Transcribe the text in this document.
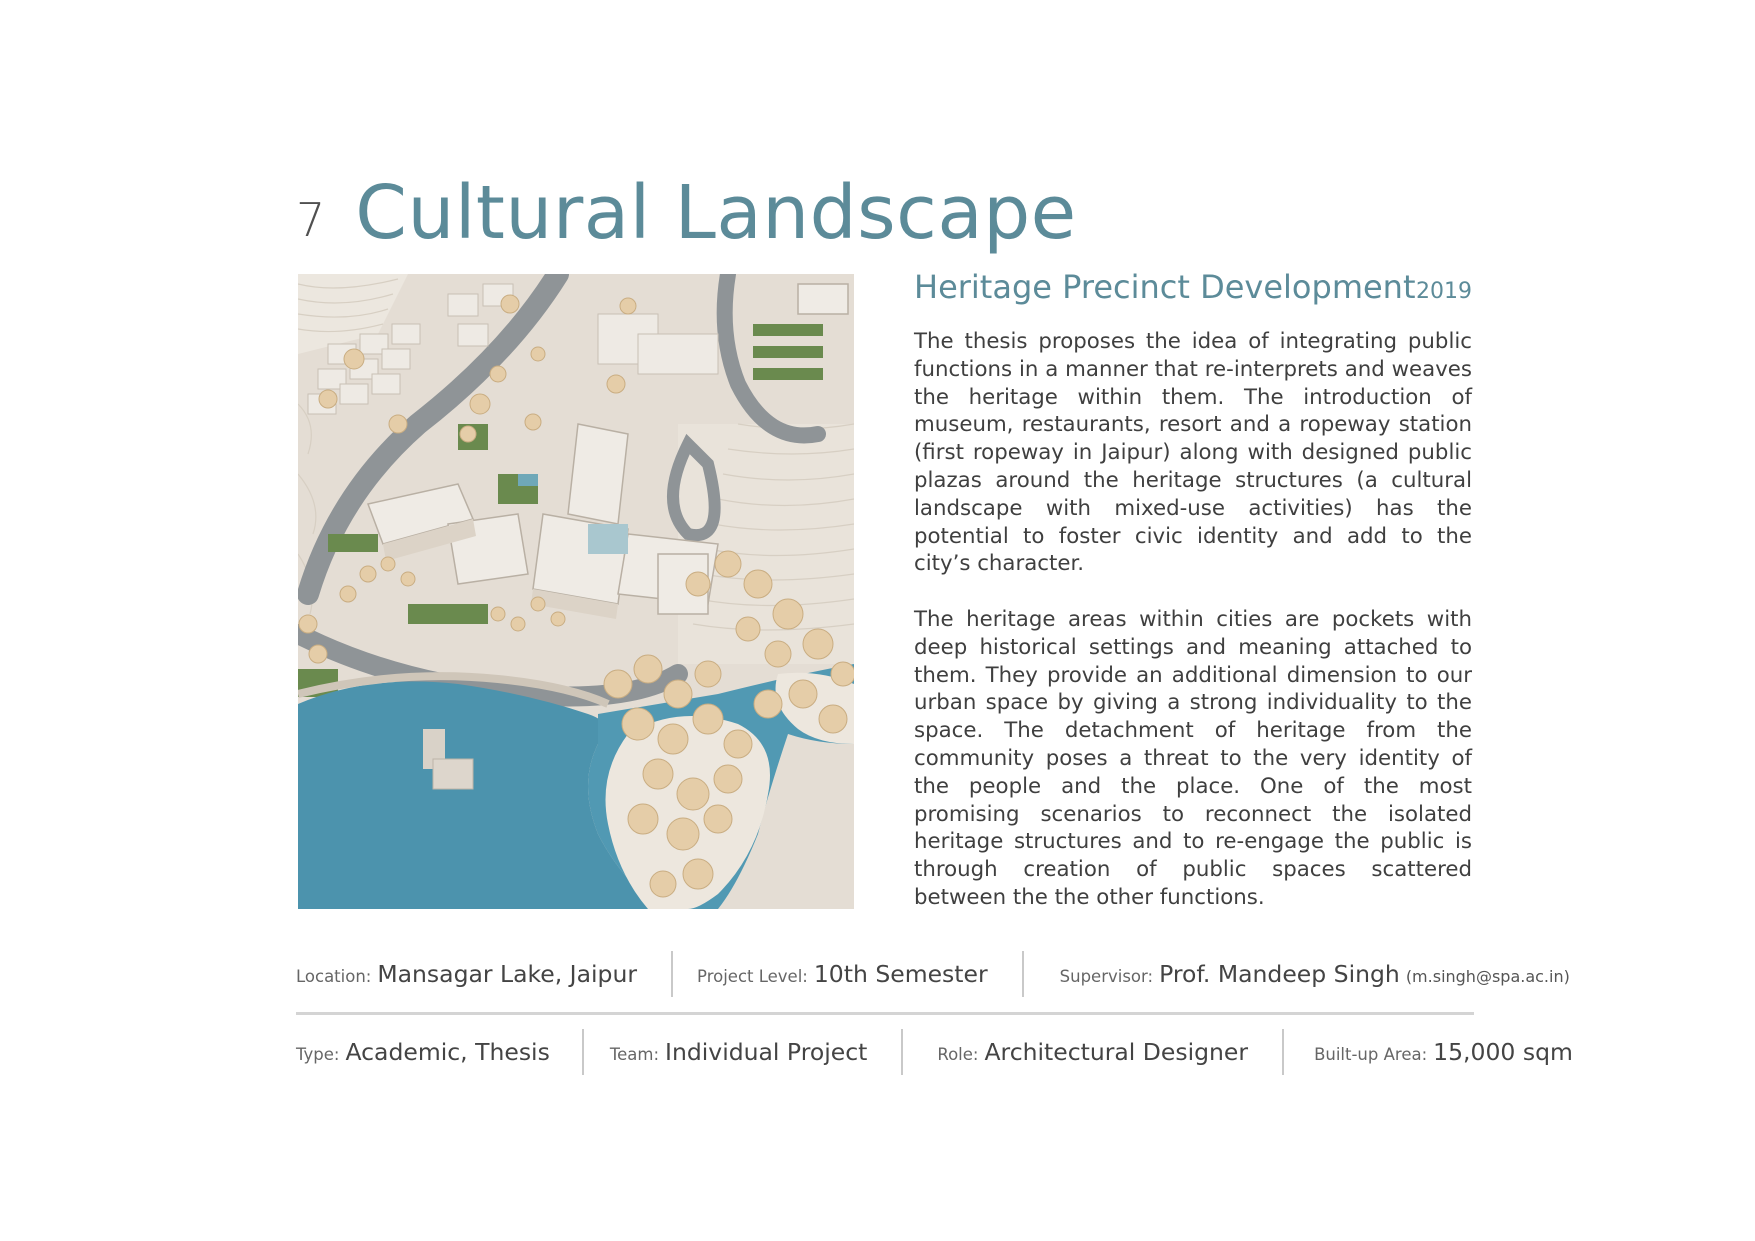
7 Cultural Landscape
Heritage Precinct Development 2019

The thesis proposes the idea of integrating public functions in a manner that re-interprets and weaves the heritage within them. The introduction of museum, restaurants, resort and a ropeway station (first ropeway in Jaipur) along with designed public plazas around the heritage structures (a cultural landscape with mixed-use activities) has the potential to foster civic identity and add to the city’s character.

The heritage areas within cities are pockets with deep historical settings and meaning attached to them. They provide an additional dimension to our urban space by giving a strong individuality to the space. The detachment of heritage from the community poses a threat to the very identity of the people and the place. One of the most promising scenarios to reconnect the isolated heritage structures and to re-engage the public is through creation of public spaces scattered between the the other functions.

Location: Mansagar Lake, Jaipur	Project Level: 10th Semester	Supervisor: Prof. Mandeep Singh (m.singh@spa.ac.in)
Type: Academic, Thesis	Team: Individual Project	Role: Architectural Designer	Built-up Area: 15,000 sqm
